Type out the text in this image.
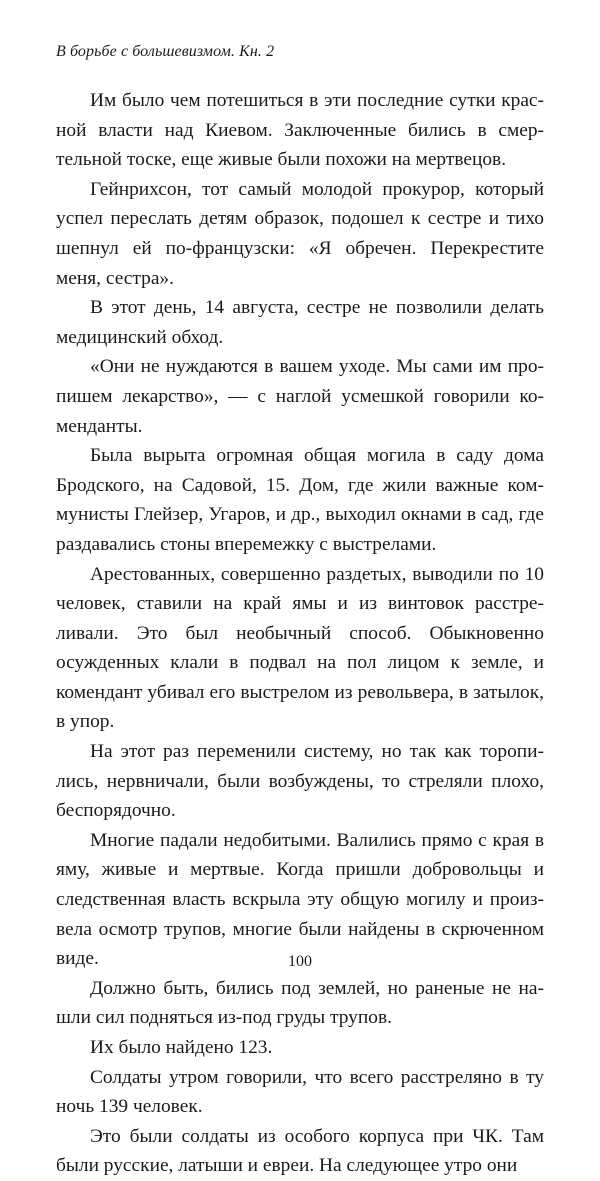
В борьбе с большевизмом. Кн. 2

Им было чем потешиться в эти последние сутки красной власти над Киевом. Заключенные бились в смертельной тоске, еще живые были похожи на мертвецов.

Гейнрихсон, тот самый молодой прокурор, который успел переслать детям образок, подошел к сестре и тихо шепнул ей по-французски: «Я обречен. Перекрестите меня, сестра».

В этот день, 14 августа, сестре не позволили делать медицинский обход.

«Они не нуждаются в вашем уходе. Мы сами им пропишем лекарство», — с наглой усмешкой говорили коменданты.

Была вырыта огромная общая могила в саду дома Бродского, на Садовой, 15. Дом, где жили важные коммунисты Глейзер, Угаров, и др., выходил окнами в сад, где раздавались стоны вперемежку с выстрелами.

Арестованных, совершенно раздетых, выводили по 10 человек, ставили на край ямы и из винтовок расстреливали. Это был необычный способ. Обыкновенно осужденных клали в подвал на пол лицом к земле, и комендант убивал его выстрелом из револьвера, в затылок, в упор.

На этот раз переменили систему, но так как торопились, нервничали, были возбуждены, то стреляли плохо, беспорядочно.

Многие падали недобитыми. Валились прямо с края в яму, живые и мертвые. Когда пришли добровольцы и следственная власть вскрыла эту общую могилу и произвела осмотр трупов, многие были найдены в скрюченном виде.

Должно быть, бились под землей, но раненые не нашли сил подняться из-под груды трупов.

Их было найдено 123.

Солдаты утром говорили, что всего расстреляно в ту ночь 139 человек.

Это были солдаты из особого корпуса при ЧК. Там были русские, латыши и евреи. На следующее утро они

100
